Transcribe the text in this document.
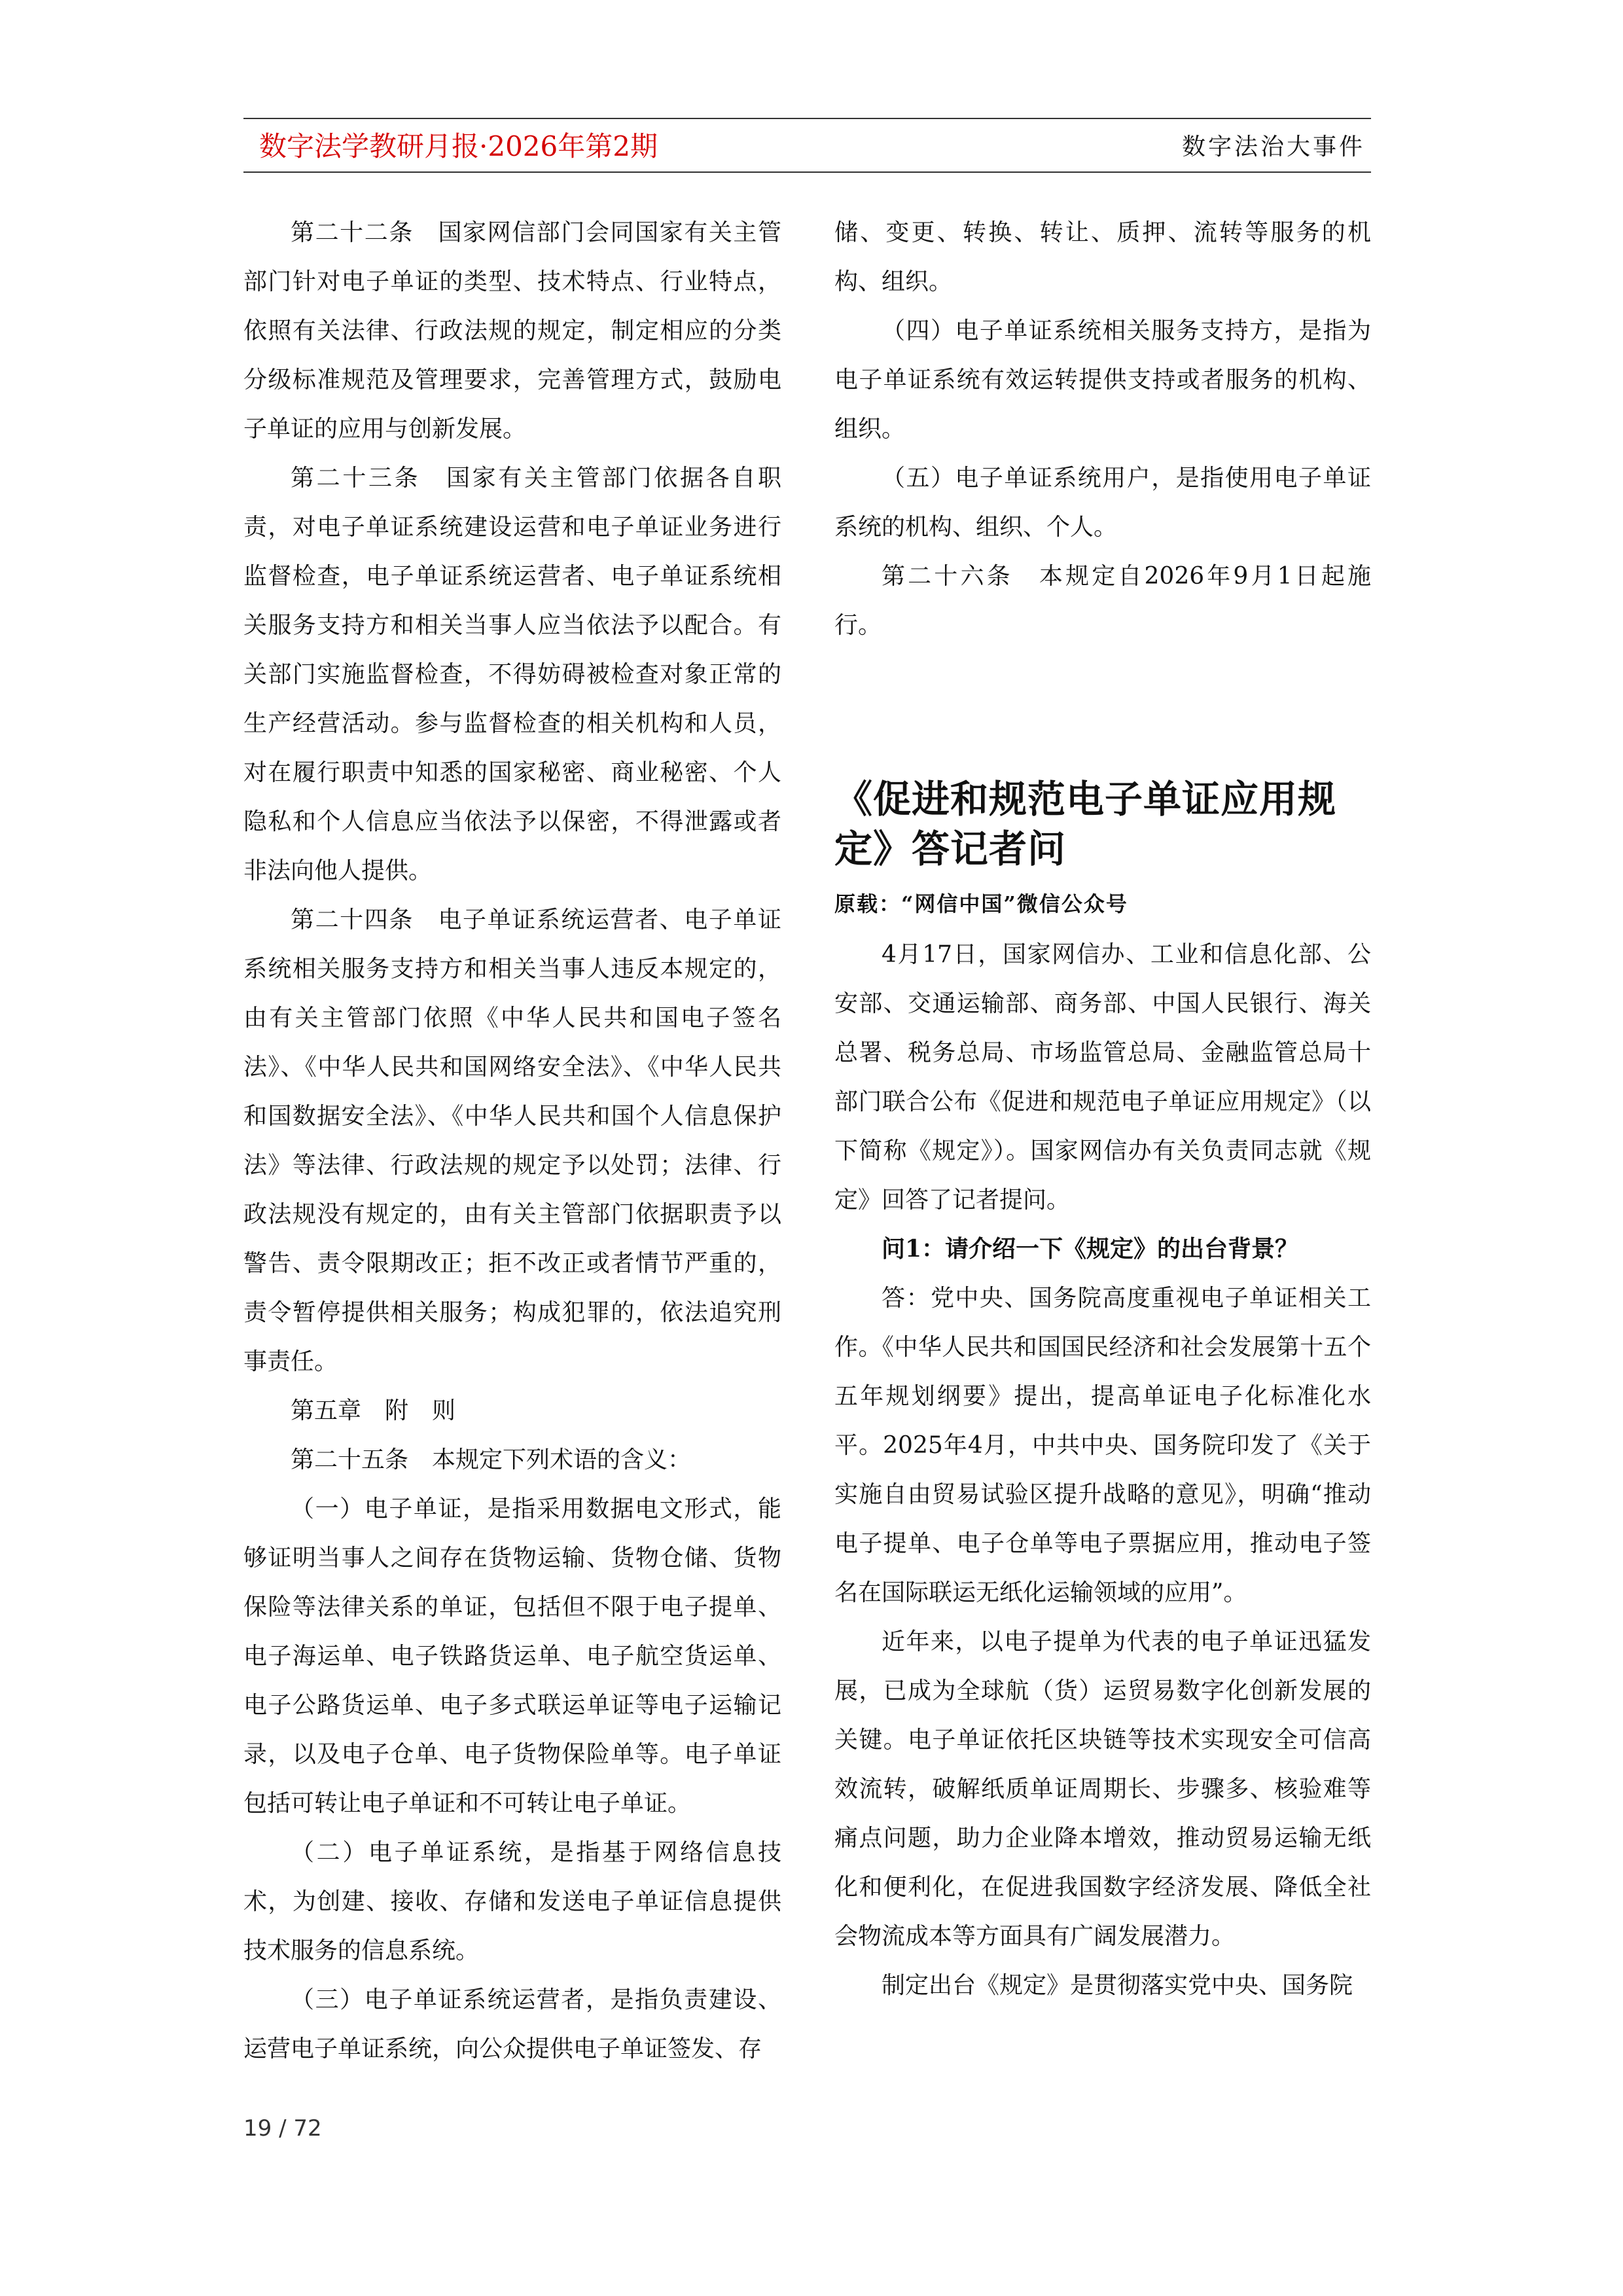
数字法学教研月报·2026年第2期	数字法治大事件

第二十二条　国家网信部门会同国家有关主管部门针对电子单证的类型、技术特点、行业特点，依照有关法律、行政法规的规定，制定相应的分类分级标准规范及管理要求，完善管理方式，鼓励电子单证的应用与创新发展。

第二十三条　国家有关主管部门依据各自职责，对电子单证系统建设运营和电子单证业务进行监督检查，电子单证系统运营者、电子单证系统相关服务支持方和相关当事人应当依法予以配合。有关部门实施监督检查，不得妨碍被检查对象正常的生产经营活动。参与监督检查的相关机构和人员，对在履行职责中知悉的国家秘密、商业秘密、个人隐私和个人信息应当依法予以保密，不得泄露或者非法向他人提供。

第二十四条　电子单证系统运营者、电子单证系统相关服务支持方和相关当事人违反本规定的，由有关主管部门依照《中华人民共和国电子签名法》、《中华人民共和国网络安全法》、《中华人民共和国数据安全法》、《中华人民共和国个人信息保护法》等法律、行政法规的规定予以处罚；法律、行政法规没有规定的，由有关主管部门依据职责予以警告、责令限期改正；拒不改正或者情节严重的，责令暂停提供相关服务；构成犯罪的，依法追究刑事责任。

第五章　附　则

第二十五条　本规定下列术语的含义：

（一）电子单证，是指采用数据电文形式，能够证明当事人之间存在货物运输、货物仓储、货物保险等法律关系的单证，包括但不限于电子提单、电子海运单、电子铁路货运单、电子航空货运单、电子公路货运单、电子多式联运单证等电子运输记录，以及电子仓单、电子货物保险单等。电子单证包括可转让电子单证和不可转让电子单证。

（二）电子单证系统，是指基于网络信息技术，为创建、接收、存储和发送电子单证信息提供技术服务的信息系统。

（三）电子单证系统运营者，是指负责建设、运营电子单证系统，向公众提供电子单证签发、存

储、变更、转换、转让、质押、流转等服务的机构、组织。

（四）电子单证系统相关服务支持方，是指为电子单证系统有效运转提供支持或者服务的机构、组织。

（五）电子单证系统用户，是指使用电子单证系统的机构、组织、个人。

第二十六条　本规定自2026年9月1日起施行。

《促进和规范电子单证应用规定》答记者问

原载：“网信中国”微信公众号

4月17日，国家网信办、工业和信息化部、公安部、交通运输部、商务部、中国人民银行、海关总署、税务总局、市场监管总局、金融监管总局十部门联合公布《促进和规范电子单证应用规定》（以下简称《规定》）。国家网信办有关负责同志就《规定》回答了记者提问。

问1：请介绍一下《规定》的出台背景？

答：党中央、国务院高度重视电子单证相关工作。《中华人民共和国国民经济和社会发展第十五个五年规划纲要》提出，提高单证电子化标准化水平。2025年4月，中共中央、国务院印发了《关于实施自由贸易试验区提升战略的意见》，明确“推动电子提单、电子仓单等电子票据应用，推动电子签名在国际联运无纸化运输领域的应用”。

近年来，以电子提单为代表的电子单证迅猛发展，已成为全球航（货）运贸易数字化创新发展的关键。电子单证依托区块链等技术实现安全可信高效流转，破解纸质单证周期长、步骤多、核验难等痛点问题，助力企业降本增效，推动贸易运输无纸化和便利化，在促进我国数字经济发展、降低全社会物流成本等方面具有广阔发展潜力。

制定出台《规定》是贯彻落实党中央、国务院

19 / 72
